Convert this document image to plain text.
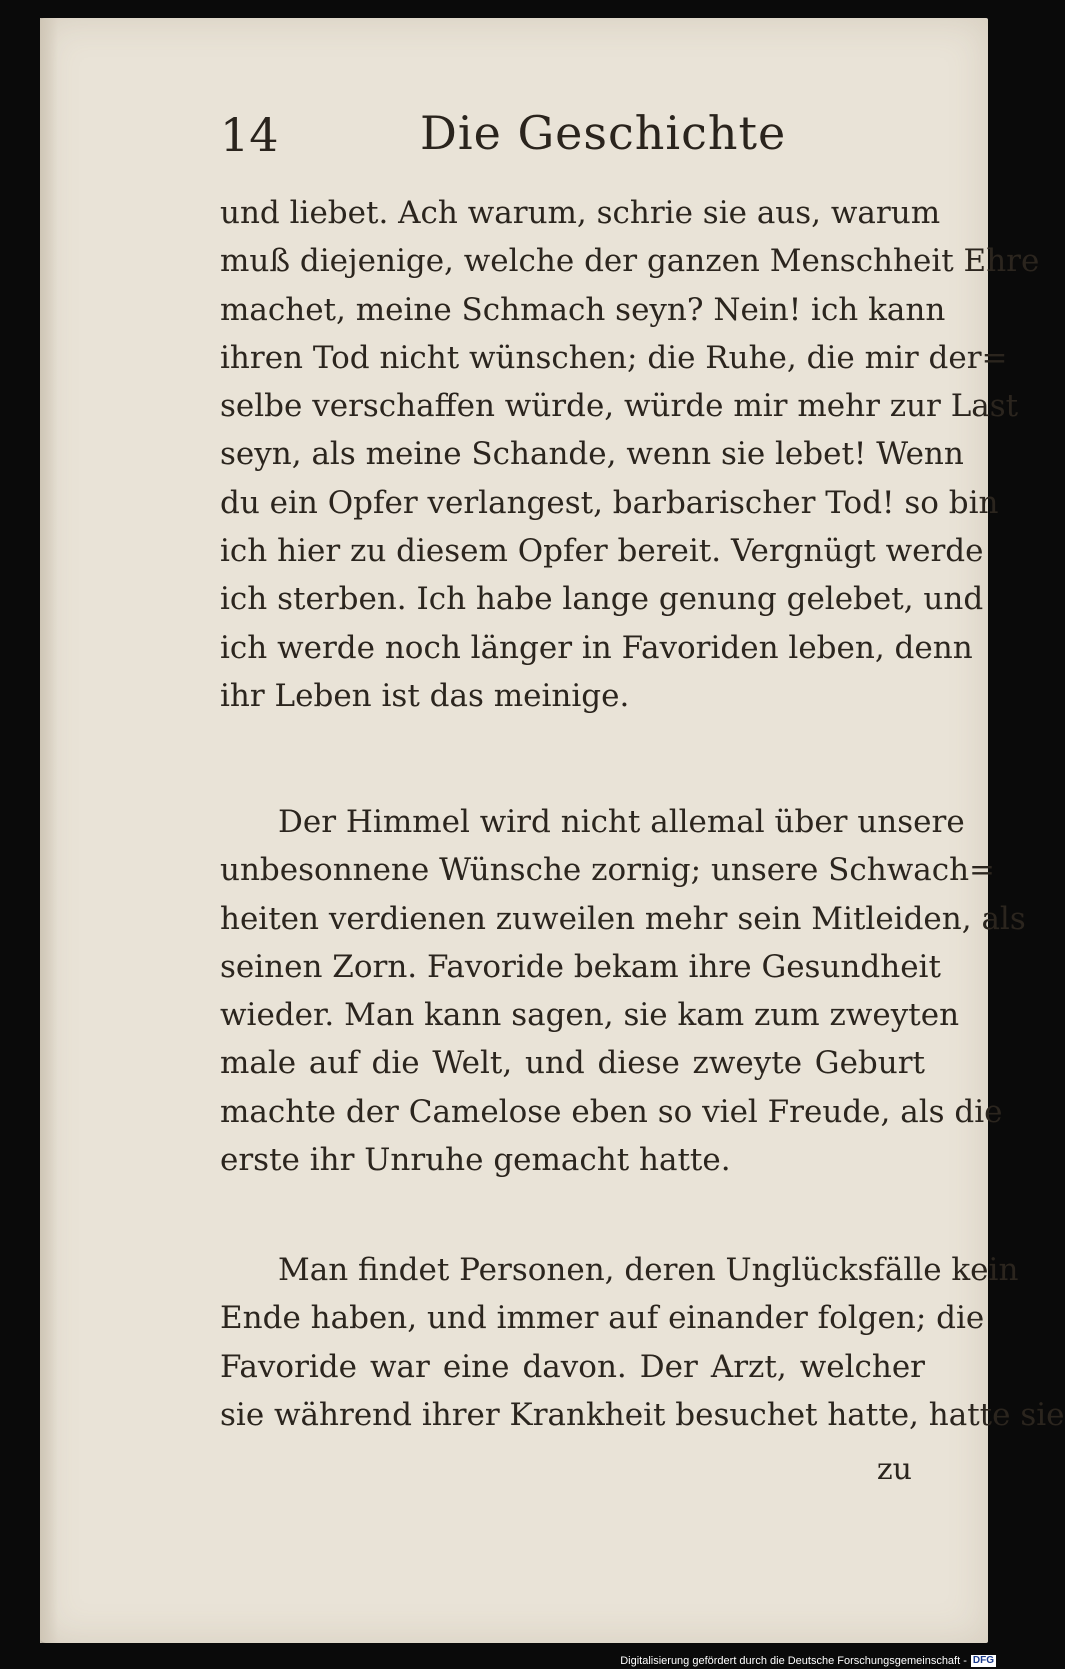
14	Die Geschichte
und liebet. Ach warum, schrie sie aus, warum
muß diejenige, welche der ganzen Menschheit Ehre
machet, meine Schmach seyn? Nein! ich kann
ihren Tod nicht wünschen; die Ruhe, die mir der=
selbe verschaffen würde, würde mir mehr zur Last
seyn, als meine Schande, wenn sie lebet! Wenn
du ein Opfer verlangest, barbarischer Tod! so bin
ich hier zu diesem Opfer bereit. Vergnügt werde
ich sterben. Ich habe lange genung gelebet, und
ich werde noch länger in Favoriden leben, denn
ihr Leben ist das meinige.
Der Himmel wird nicht allemal über unsere
unbesonnene Wünsche zornig; unsere Schwach=
heiten verdienen zuweilen mehr sein Mitleiden, als
seinen Zorn. Favoride bekam ihre Gesundheit
wieder. Man kann sagen, sie kam zum zweyten
male auf die Welt, und diese zweyte Geburt
machte der Camelose eben so viel Freude, als die
erste ihr Unruhe gemacht hatte.
Man findet Personen, deren Unglücksfälle kein
Ende haben, und immer auf einander folgen; die
Favoride war eine davon. Der Arzt, welcher
sie während ihrer Krankheit besuchet hatte, hatte sie
zu
Digitalisierung gefördert durch die Deutsche Forschungsgemeinschaft - DFG
